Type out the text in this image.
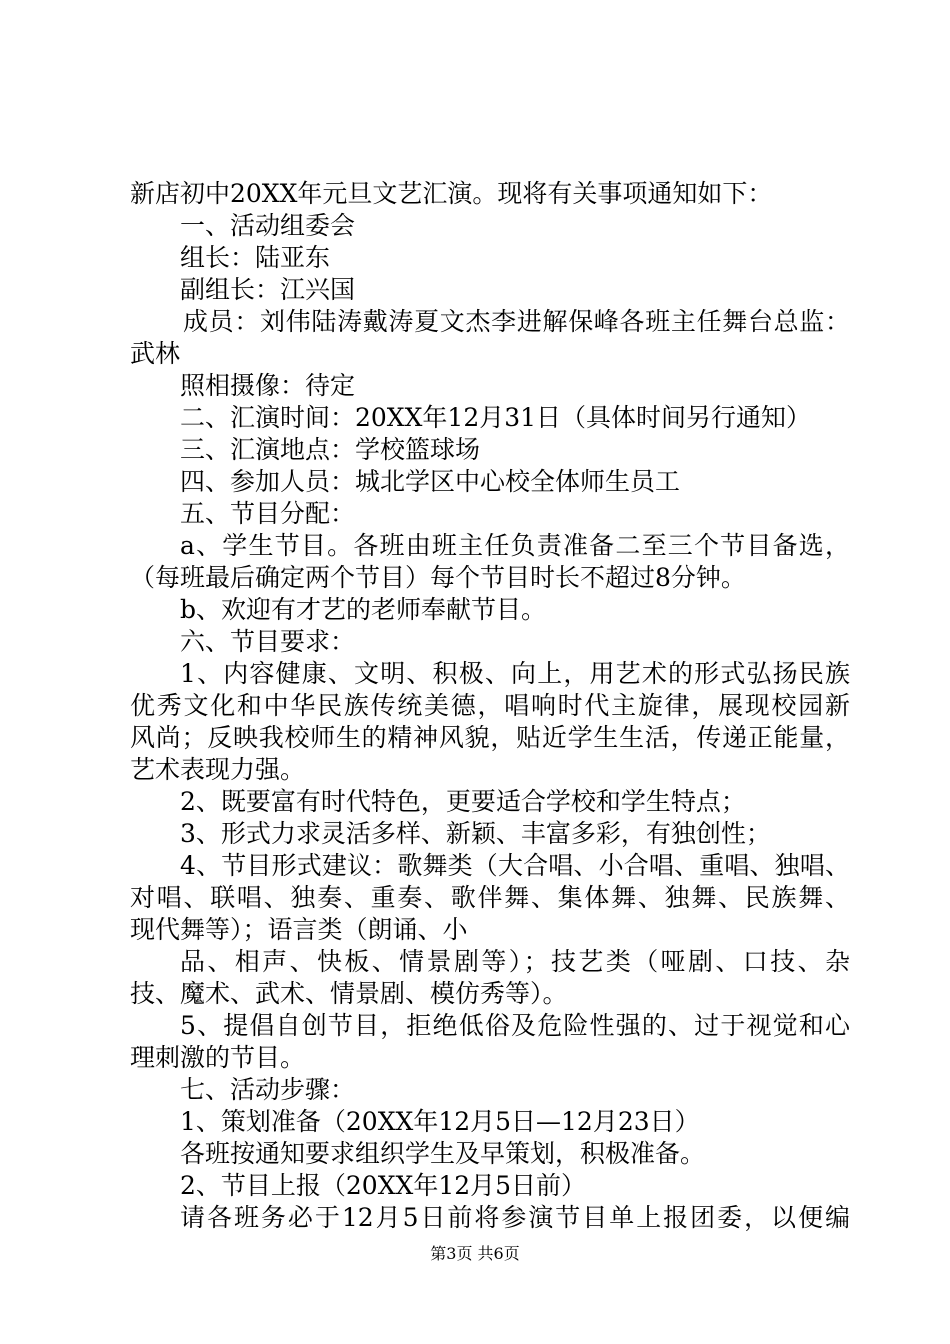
新店初中20XX年元旦文艺汇演。现将有关事项通知如下：
一、活动组委会
组长：陆亚东
副组长：江兴国
成员：刘伟陆涛戴涛夏文杰李进解保峰各班主任舞台总监：
武林
照相摄像：待定
二、汇演时间：20XX年12月31日（具体时间另行通知）
三、汇演地点：学校篮球场
四、参加人员：城北学区中心校全体师生员工
五、节目分配：
a、学生节目。各班由班主任负责准备二至三个节目备选，
（每班最后确定两个节目）每个节目时长不超过8分钟。
b、欢迎有才艺的老师奉献节目。
六、节目要求：
1、内容健康、文明、积极、向上，用艺术的形式弘扬民族
优秀文化和中华民族传统美德，唱响时代主旋律，展现校园新
风尚；反映我校师生的精神风貌，贴近学生生活，传递正能量，
艺术表现力强。
2、既要富有时代特色，更要适合学校和学生特点；
3、形式力求灵活多样、新颖、丰富多彩，有独创性；
4、节目形式建议：歌舞类（大合唱、小合唱、重唱、独唱、
对唱、联唱、独奏、重奏、歌伴舞、集体舞、独舞、民族舞、
现代舞等）；语言类（朗诵、小
品、相声、快板、情景剧等）；技艺类（哑剧、口技、杂
技、魔术、武术、情景剧、模仿秀等）。
5、提倡自创节目，拒绝低俗及危险性强的、过于视觉和心
理刺激的节目。
七、活动步骤：
1、策划准备（20XX年12月5日—12月23日）
各班按通知要求组织学生及早策划，积极准备。
2、节目上报（20XX年12月5日前）
请各班务必于12月5日前将参演节目单上报团委，以便编
第3页 共6页
